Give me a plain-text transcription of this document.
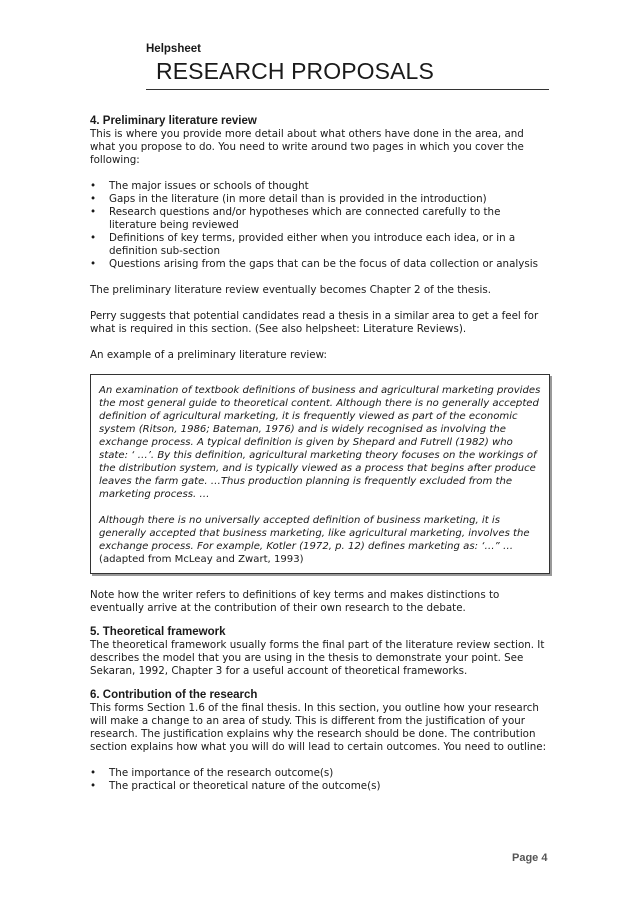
Helpsheet
RESEARCH PROPOSALS
4. Preliminary literature review

This is where you provide more detail about what others have done in the area, and what you propose to do. You need to write around two pages in which you cover the following:

• The major issues or schools of thought
• Gaps in the literature (in more detail than is provided in the introduction)
• Research questions and/or hypotheses which are connected carefully to the literature being reviewed
• Definitions of key terms, provided either when you introduce each idea, or in a definition sub-section
• Questions arising from the gaps that can be the focus of data collection or analysis

The preliminary literature review eventually becomes Chapter 2 of the thesis.

Perry suggests that potential candidates read a thesis in a similar area to get a feel for what is required in this section. (See also helpsheet: Literature Reviews).

An example of a preliminary literature review:

An examination of textbook definitions of business and agricultural marketing provides the most general guide to theoretical content. Although there is no generally accepted definition of agricultural marketing, it is frequently viewed as part of the economic system (Ritson, 1986; Bateman, 1976) and is widely recognised as involving the exchange process. A typical definition is given by Shepard and Futrell (1982) who state: ‘ …’. By this definition, agricultural marketing theory focuses on the workings of the distribution system, and is typically viewed as a process that begins after produce leaves the farm gate. …Thus production planning is frequently excluded from the marketing process. …

Although there is no universally accepted definition of business marketing, it is generally accepted that business marketing, like agricultural marketing, involves the exchange process. For example, Kotler (1972, p. 12) defines marketing as: ‘…” …
(adapted from McLeay and Zwart, 1993)

Note how the writer refers to definitions of key terms and makes distinctions to eventually arrive at the contribution of their own research to the debate.

5. Theoretical framework

The theoretical framework usually forms the final part of the literature review section. It describes the model that you are using in the thesis to demonstrate your point. See Sekaran, 1992, Chapter 3 for a useful account of theoretical frameworks.

6. Contribution of the research

This forms Section 1.6 of the final thesis. In this section, you outline how your research will make a change to an area of study. This is different from the justification of your research. The justification explains why the research should be done. The contribution section explains how what you will do will lead to certain outcomes. You need to outline:

• The importance of the research outcome(s)
• The practical or theoretical nature of the outcome(s)
Page 4
